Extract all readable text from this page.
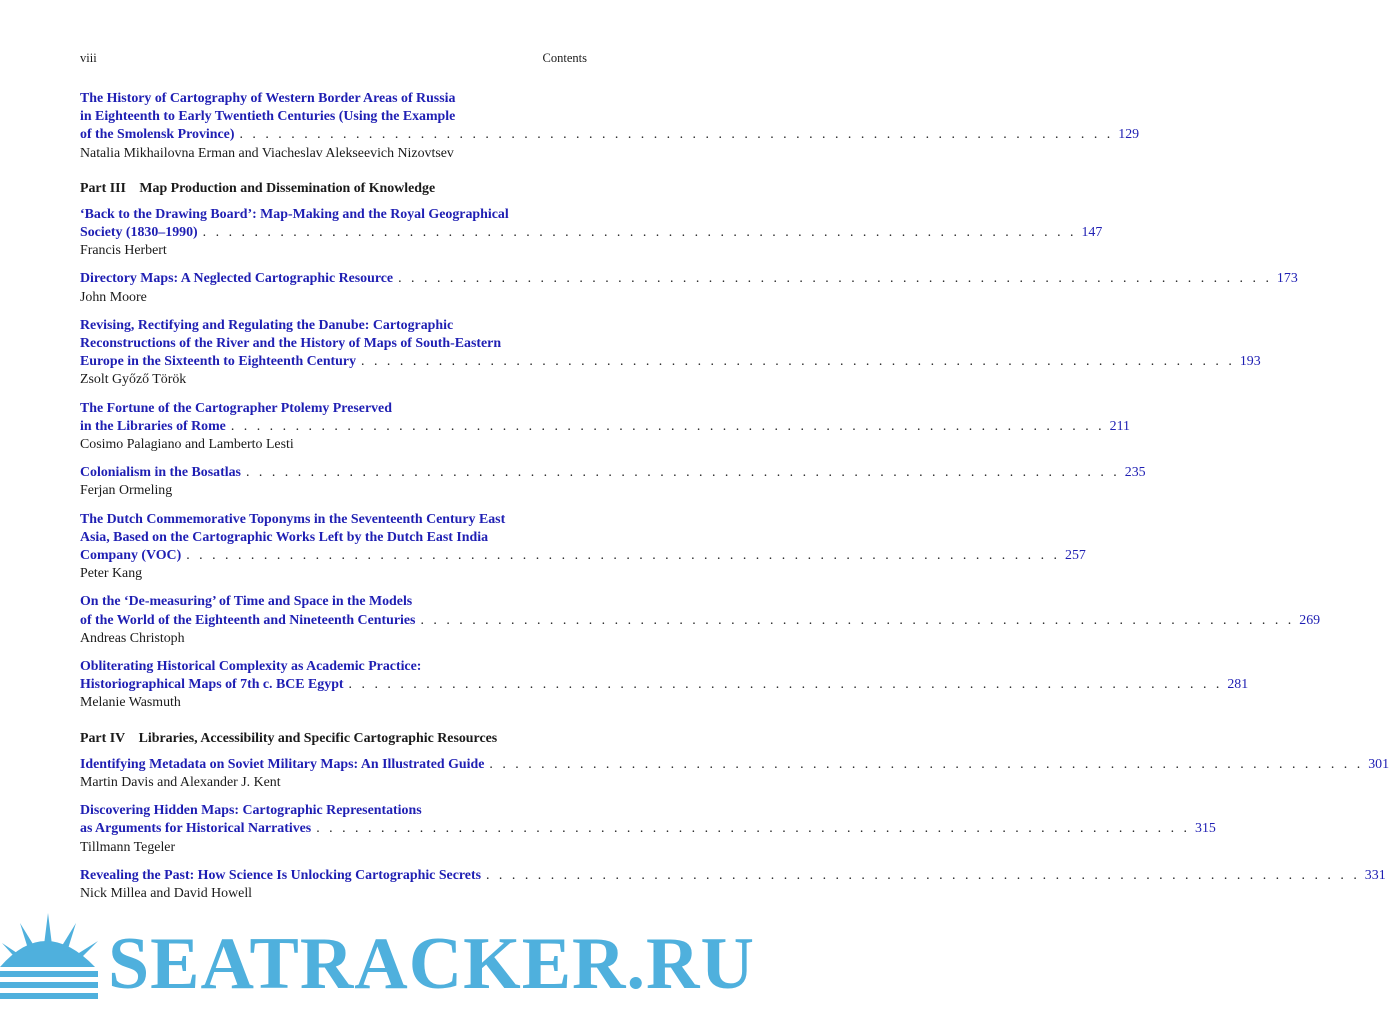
viii	Contents
The History of Cartography of Western Border Areas of Russia
in Eighteenth to Early Twentieth Centuries (Using the Example
of the Smolensk Province) . . .	129
Natalia Mikhailovna Erman and Viacheslav Alekseevich Nizovtsev
Part III Map Production and Dissemination of Knowledge
‘Back to the Drawing Board’: Map-Making and the Royal Geographical
Society (1830–1990) . . .	147
Francis Herbert
Directory Maps: A Neglected Cartographic Resource . . .	173
John Moore
Revising, Rectifying and Regulating the Danube: Cartographic
Reconstructions of the River and the History of Maps of South-Eastern
Europe in the Sixteenth to Eighteenth Century . . .	193
Zsolt Győző Török
The Fortune of the Cartographer Ptolemy Preserved
in the Libraries of Rome . . .	211
Cosimo Palagiano and Lamberto Lesti
Colonialism in the Bosatlas . . .	235
Ferjan Ormeling
The Dutch Commemorative Toponyms in the Seventeenth Century East
Asia, Based on the Cartographic Works Left by the Dutch East India
Company (VOC) . . .	257
Peter Kang
On the ‘De-measuring’ of Time and Space in the Models
of the World of the Eighteenth and Nineteenth Centuries . . .	269
Andreas Christoph
Obliterating Historical Complexity as Academic Practice:
Historiographical Maps of 7th c. BCE Egypt . . .	281
Melanie Wasmuth
Part IV Libraries, Accessibility and Specific Cartographic Resources
Identifying Metadata on Soviet Military Maps: An Illustrated Guide . . .	301
Martin Davis and Alexander J. Kent
Discovering Hidden Maps: Cartographic Representations
as Arguments for Historical Narratives . . .	315
Tillmann Tegeler
Revealing the Past: How Science Is Unlocking Cartographic Secrets . . .	331
Nick Millea and David Howell
SEATRACKER.RU
